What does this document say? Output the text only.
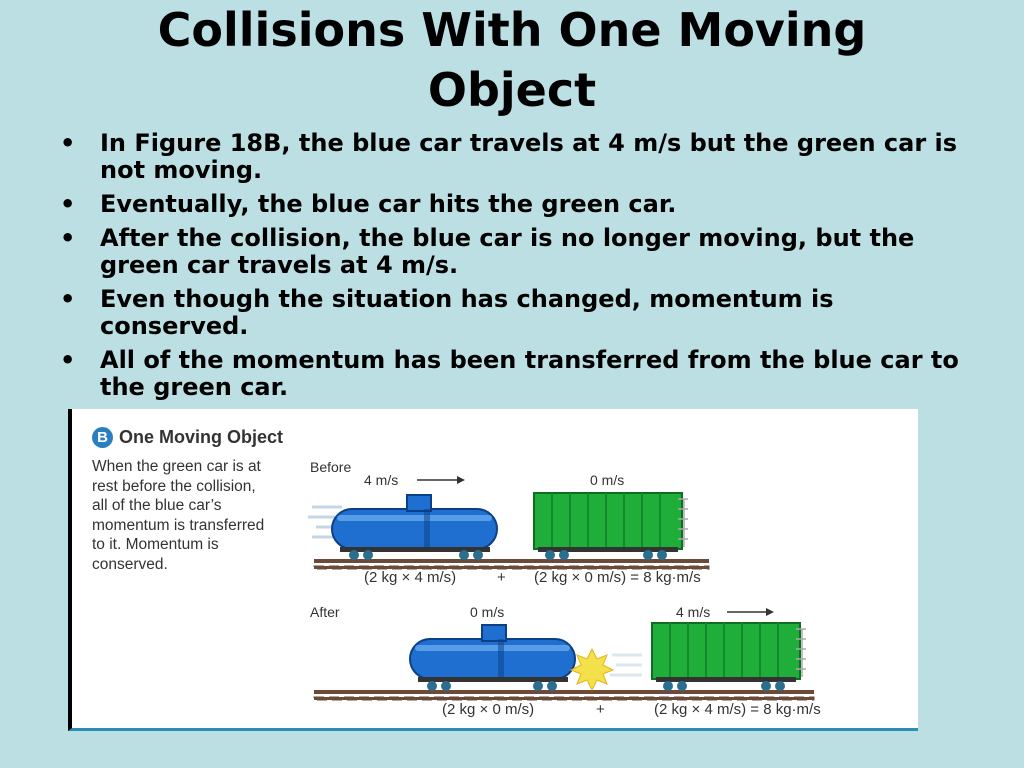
Collisions With One Moving
Object
• In Figure 18B, the blue car travels at 4 m/s but the green car is not moving.
• Eventually, the blue car hits the green car.
• After the collision, the blue car is no longer moving, but the green car travels at 4 m/s.
• Even though the situation has changed, momentum is conserved.
• All of the momentum has been transferred from the blue car to the green car.
B One Moving Object
When the green car is at rest before the collision, all of the blue car’s momentum is transferred to it. Momentum is conserved.
Before
4 m/s	0 m/s
(2 kg × 4 m/s)	+ (2 kg × 0 m/s) = 8 kg·m/s
After	0 m/s	4 m/s
(2 kg × 0 m/s)	+	(2 kg × 4 m/s) = 8 kg·m/s
